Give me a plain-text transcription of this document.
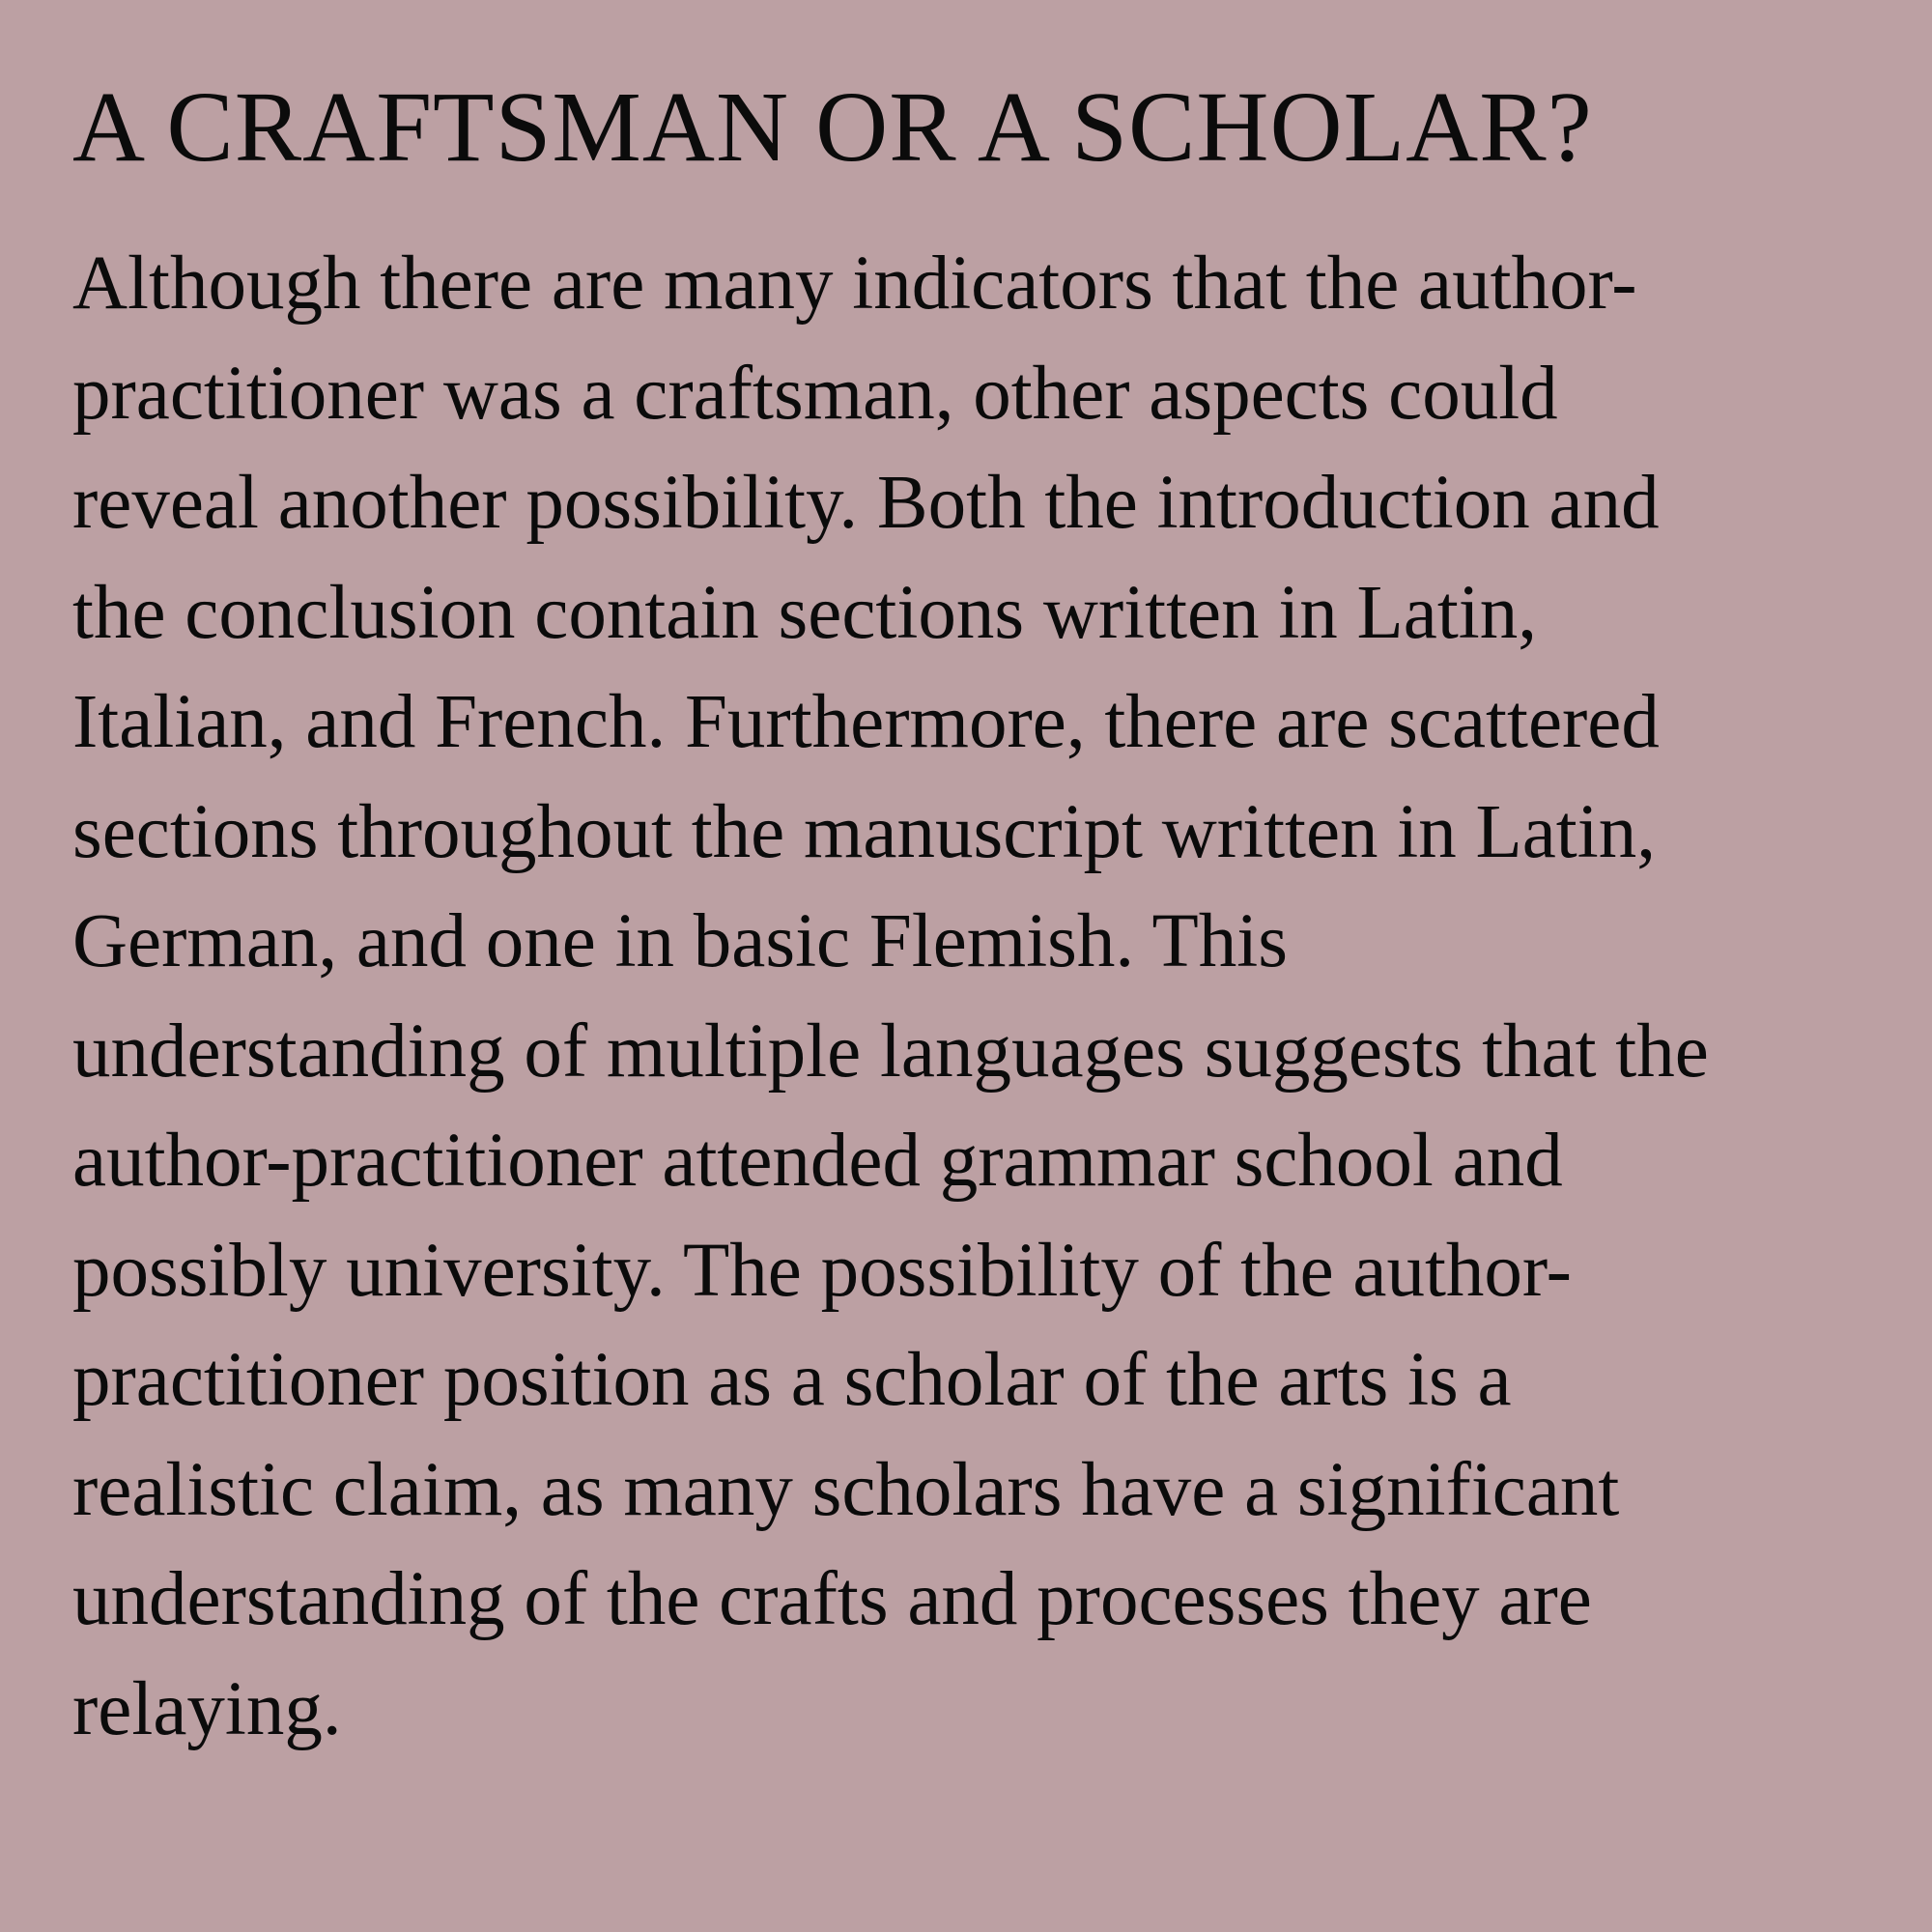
A CRAFTSMAN OR A SCHOLAR?

Although there are many indicators that the author-
practitioner was a craftsman, other aspects could
reveal another possibility. Both the introduction and
the conclusion contain sections written in Latin,
Italian, and French. Furthermore, there are scattered
sections throughout the manuscript written in Latin,
German, and one in basic Flemish. This
understanding of multiple languages suggests that the
author-practitioner attended grammar school and
possibly university. The possibility of the author-
practitioner position as a scholar of the arts is a
realistic claim, as many scholars have a significant
understanding of the crafts and processes they are
relaying.
